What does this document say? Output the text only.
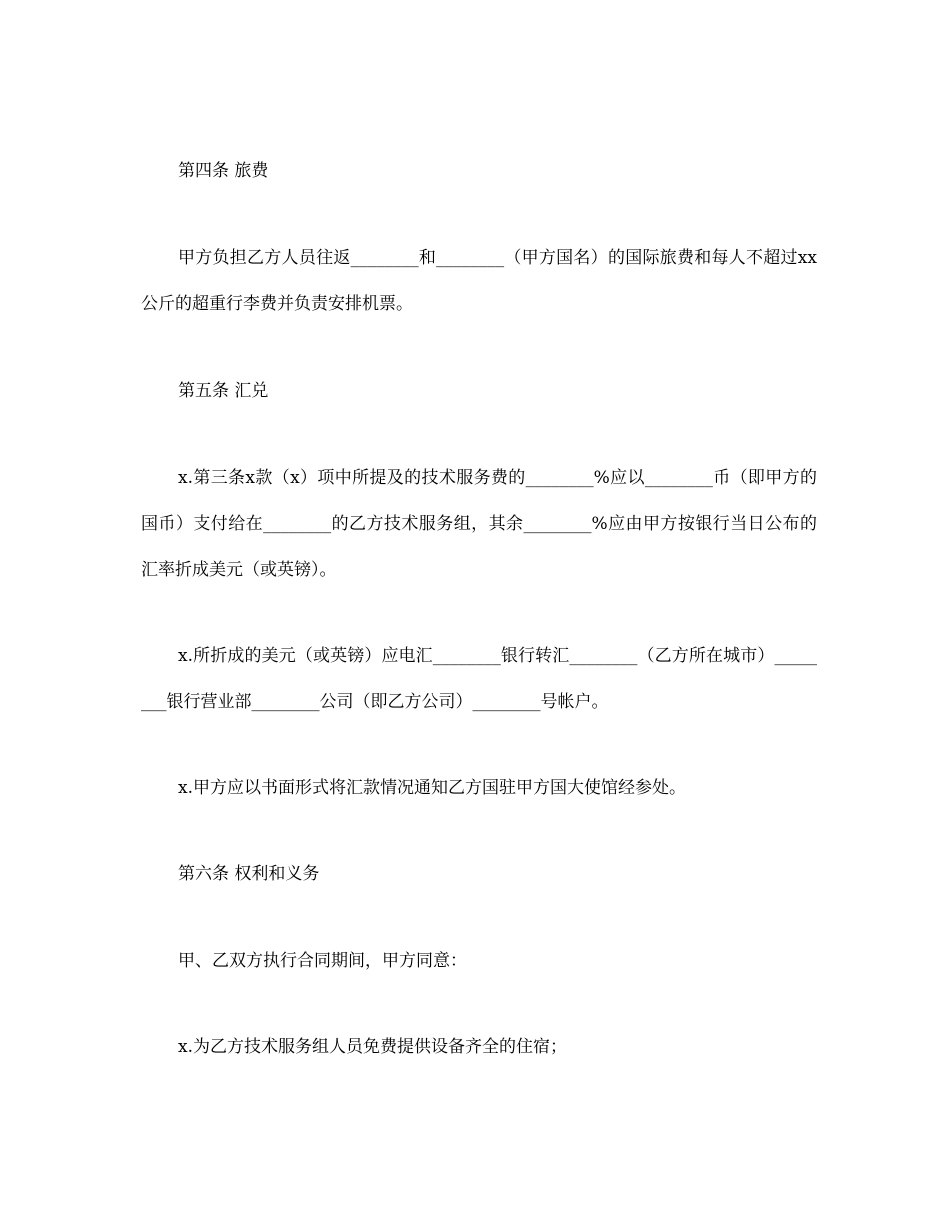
第四条 旅费

甲方负担乙方人员往返________和________（甲方国名）的国际旅费和每人不超过xx公斤的超重行李费并负责安排机票。

第五条 汇兑

x.第三条x款（x）项中所提及的技术服务费的________%应以________币（即甲方的国币）支付给在________的乙方技术服务组，其余________%应由甲方按银行当日公布的汇率折成美元（或英镑）。

x.所折成的美元（或英镑）应电汇________银行转汇________（乙方所在城市）________银行营业部________公司（即乙方公司）________号帐户。

x.甲方应以书面形式将汇款情况通知乙方国驻甲方国大使馆经参处。

第六条 权利和义务

甲、乙双方执行合同期间，甲方同意：

x.为乙方技术服务组人员免费提供设备齐全的住宿；
